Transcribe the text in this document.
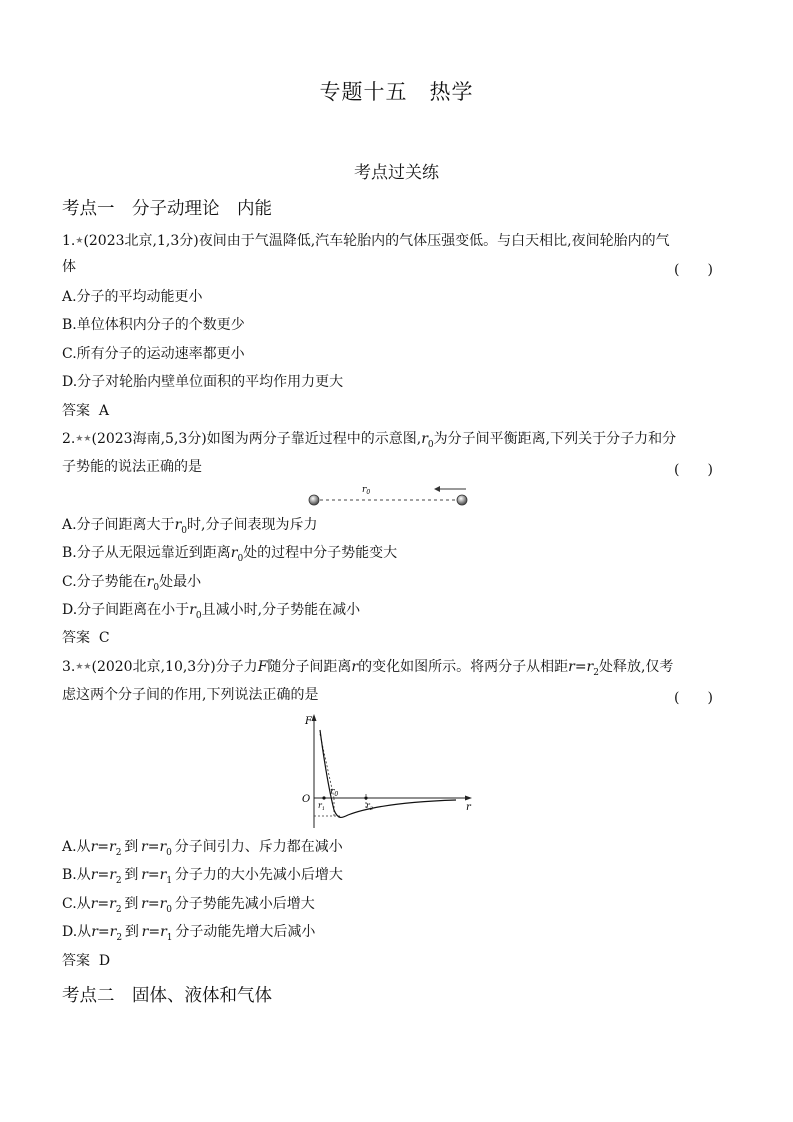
专题十五　热学
考点过关练
考点一　分子动理论　内能
1.★(2023北京,1,3分)夜间由于气温降低,汽车轮胎内的气体压强变低。与白天相比,夜间轮胎内的气
体	(　　)
A.分子的平均动能更小
B.单位体积内分子的个数更少
C.所有分子的运动速率都更小
D.分子对轮胎内壁单位面积的平均作用力更大
答案 A
2.★★(2023海南,5,3分)如图为两分子靠近过程中的示意图$,r_0$为分子间平衡距离,下列关于分子力和分
子势能的说法正确的是	(　　)
$r_0$
A.分子间距离大于$r_0$时,分子间表现为斥力
B.分子从无限远靠近到距离$r_0$处的过程中分子势能变大
C.分子势能在$r_0$处最小
D.分子间距离在小于$r_0$且减小时,分子势能在减小
答案 C
3.★★(2020北京,10,3分)分子力F随分子间距离r的变化如图所示。将两分子从相距$r=r_2$处释放,仅考
虑这两个分子间的作用,下列说法正确的是	(　　)
F
O
r
$r_0$
$r_1$	$r_2$
A.从$r=r_2$  到  $r=r_0$  分子间引力、斥力都在减小
B.从$r=r_2$  到  $r=r_1$  分子力的大小先减小后增大
C.从$r=r_2$  到  $r=r_0$  分子势能先减小后增大
D.从$r=r_2$  到  $r=r_1$  分子动能先增大后减小
答案 D
考点二　固体、液体和气体
